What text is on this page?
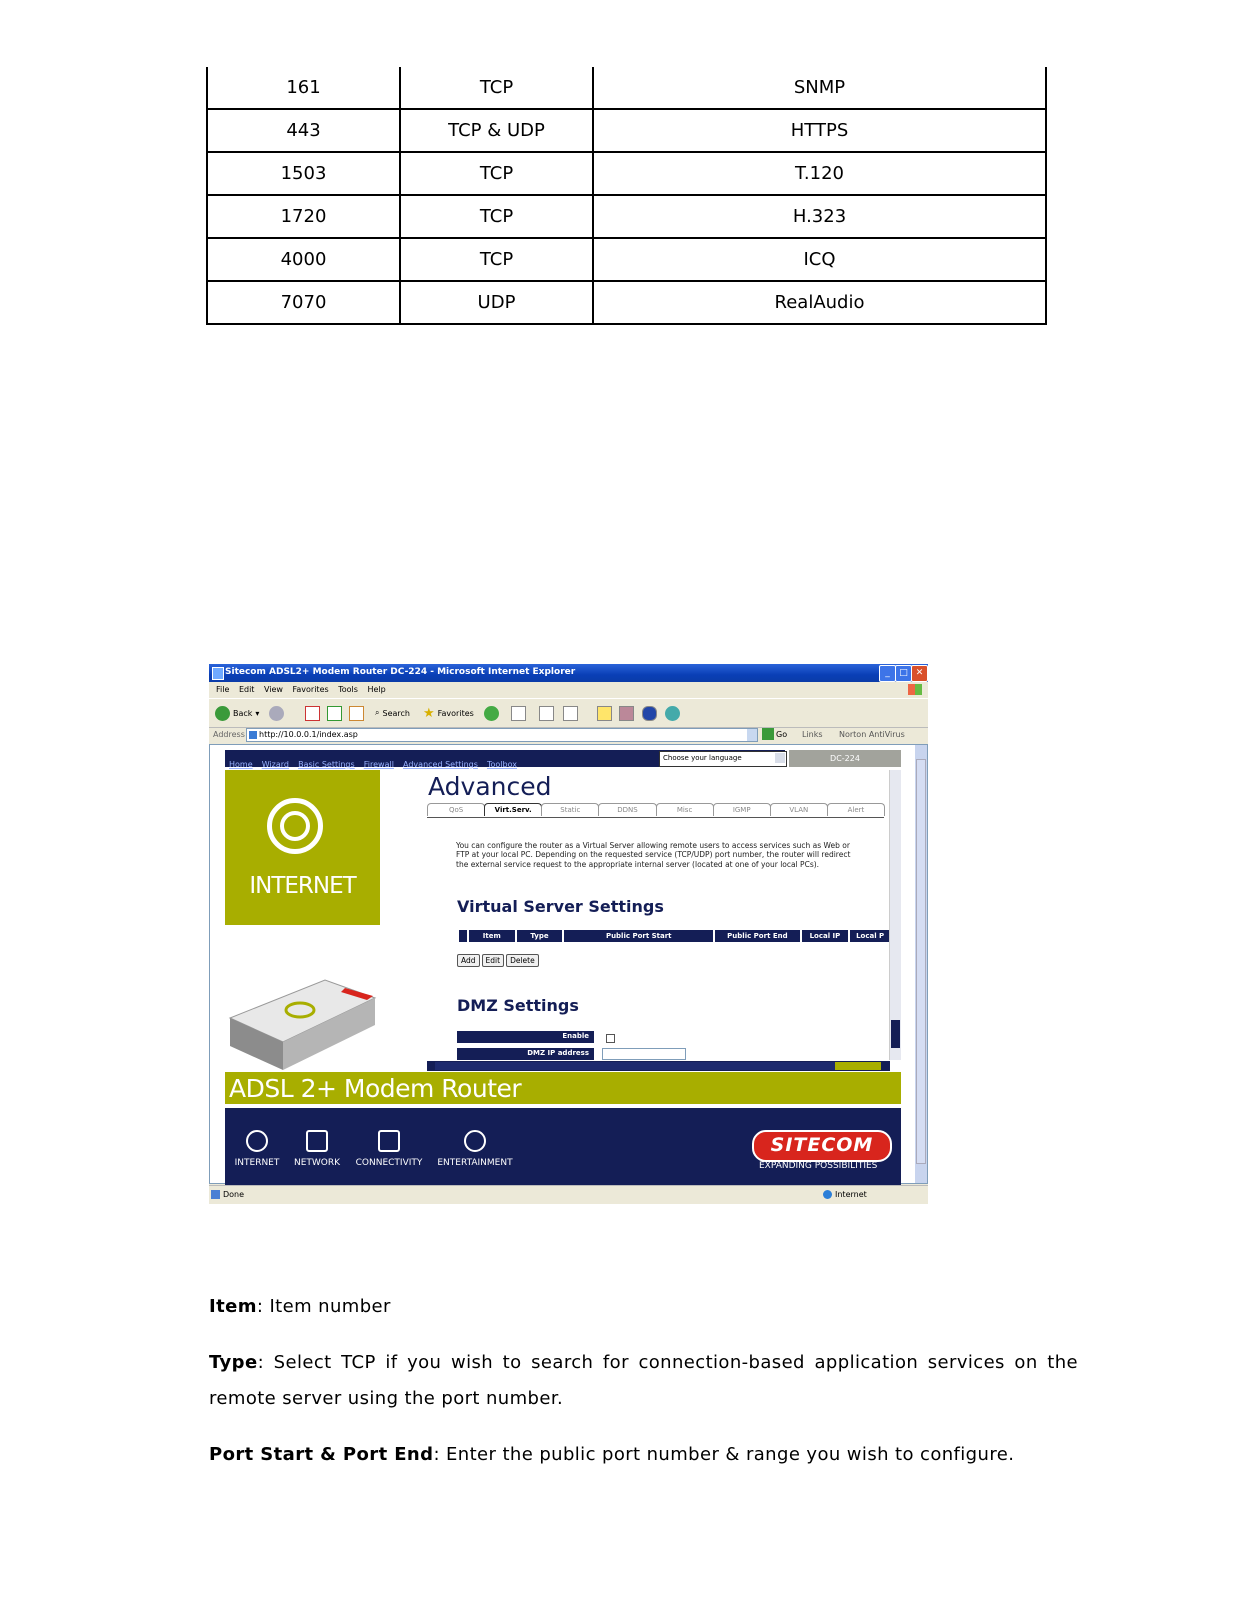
161	TCP	SNMP
443	TCP & UDP	HTTPS
1503	TCP	T.120
1720	TCP	H.323
4000	TCP	ICQ
7070	UDP	RealAudio
Sitecom ADSL2+ Modem Router DC-224 - Microsoft Internet Explorer	_	□ ✕
File Edit View Favorites Tools Help
Back ▾	⌕ Search ★ Favorites
Address http://10.0.0.1/index.asp	Go Links Norton AntiVirus
Home Wizard Basic Settings Firewall Advanced Settings Toolbox
Choose your language	DC-224
INTERNET
Advanced
QoS	Virt.Serv.	Static	DDNS	Misc	IGMP	VLAN	Alert
You can configure the router as a Virtual Server allowing remote users to access services such as Web or FTP at your local PC. Depending on the requested service (TCP/UDP) port number, the router will redirect the external service request to the appropriate internal server (located at one of your local PCs).
Virtual Server Settings
Item	Type	Public Port Start	Public Port End	Local IP	Local P
Add	Edit	Delete
DMZ Settings
Enable
DMZ IP address
ADSL 2+ Modem Router
INTERNET	NETWORK	CONNECTIVITY	ENTERTAINMENT
SITECOM
EXPANDING POSSIBILITIES
Done	Internet

Item: Item number

Type: Select TCP if you wish to search for connection-based application services on the remote server using the port number.

Port Start & Port End: Enter the public port number & range you wish to configure.
